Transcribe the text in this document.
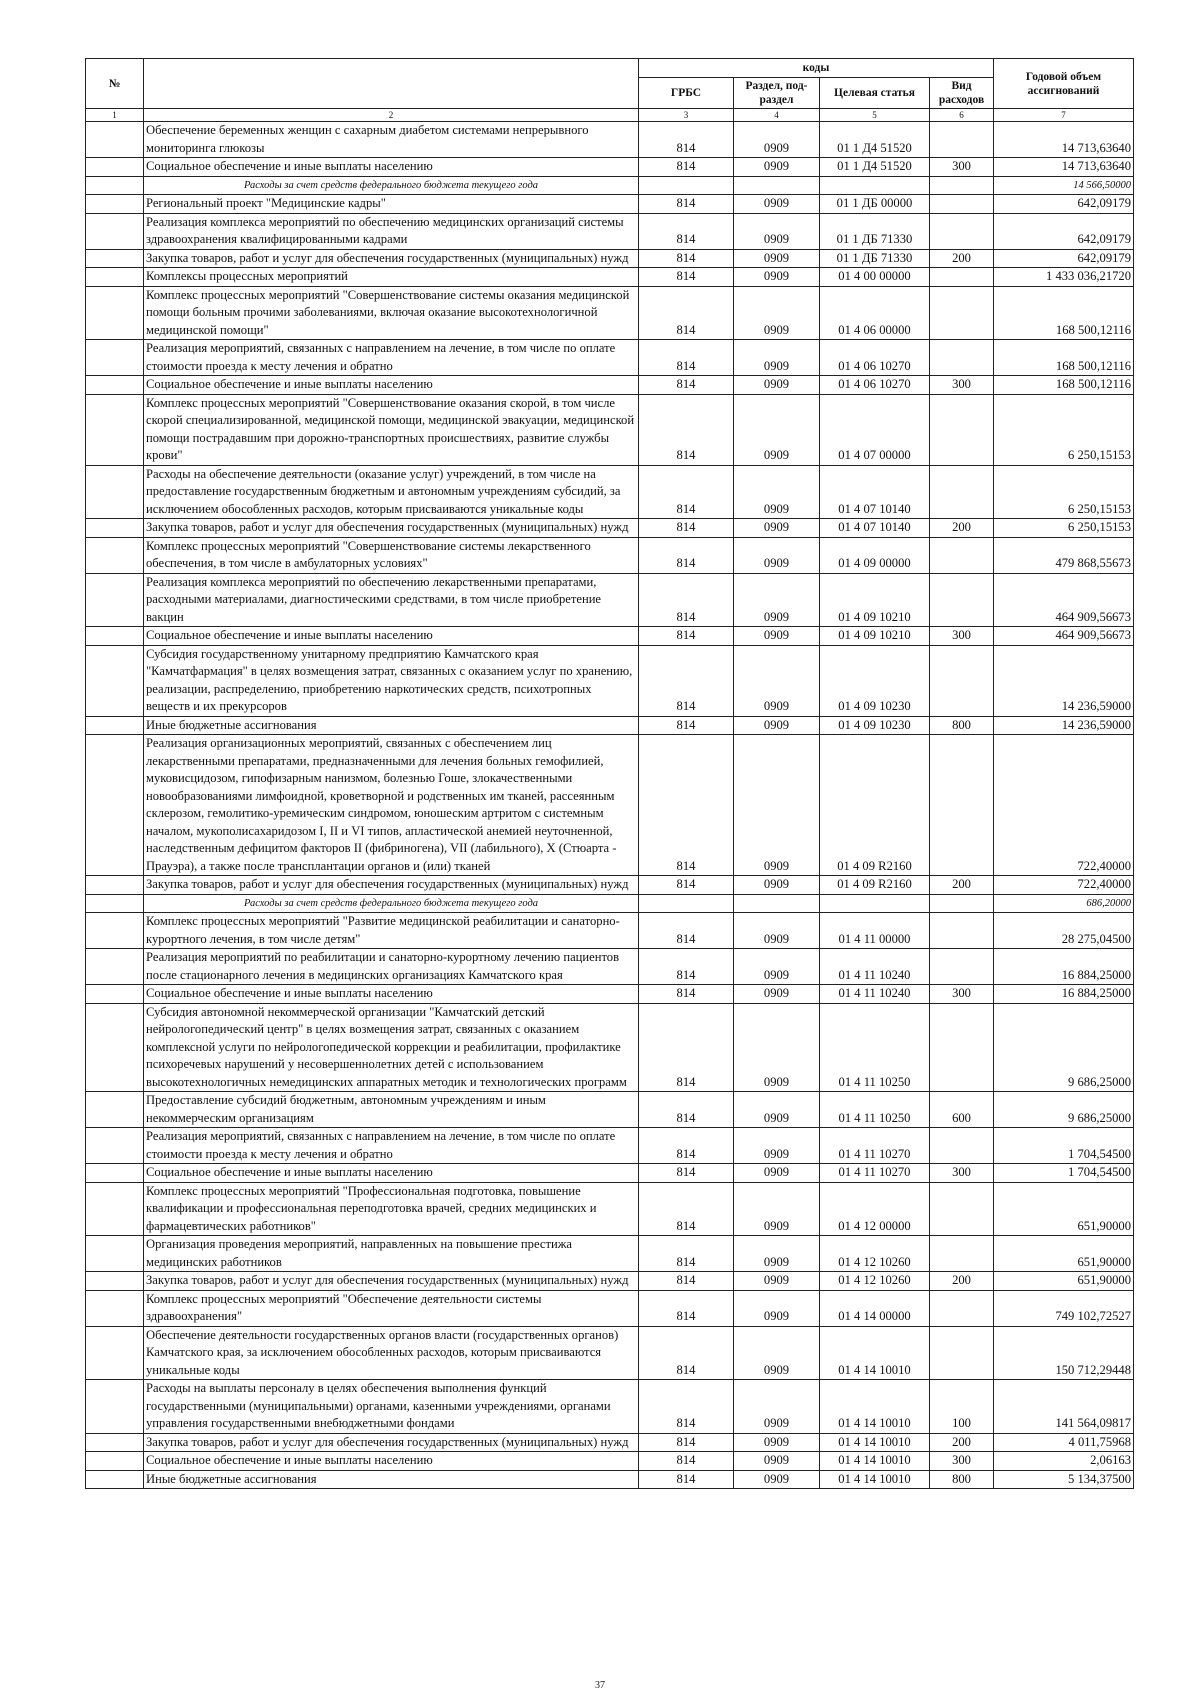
№		коды				Годовой объем ассигнований
		ГРБС	Раздел, под-раздел	Целевая статья	Вид расходов	
1	2	3	4	5	6	7
	Обеспечение беременных женщин с сахарным диабетом системами непрерывного мониторинга глюкозы	814	0909	01 1 Д4 51520		14 713,63640
	Социальное обеспечение и иные выплаты населению	814	0909	01 1 Д4 51520	300	14 713,63640
	Расходы за счет средств федерального бюджета текущего года					14 566,50000
	Региональный проект "Медицинские кадры"	814	0909	01 1 ДБ 00000		642,09179
	Реализация комплекса мероприятий по обеспечению медицинских организаций системы здравоохранения квалифицированными кадрами	814	0909	01 1 ДБ 71330		642,09179
	Закупка товаров, работ и услуг для обеспечения государственных (муниципальных) нужд	814	0909	01 1 ДБ 71330	200	642,09179
	Комплексы процессных мероприятий	814	0909	01 4 00 00000		1 433 036,21720
	Комплекс процессных мероприятий "Совершенствование системы оказания медицинской помощи больным прочими заболеваниями, включая оказание высокотехнологичной медицинской помощи"	814	0909	01 4 06 00000		168 500,12116
	Реализация мероприятий, связанных с направлением на лечение, в том числе по оплате стоимости проезда к месту лечения и обратно	814	0909	01 4 06 10270		168 500,12116
	Социальное обеспечение и иные выплаты населению	814	0909	01 4 06 10270	300	168 500,12116
	Комплекс процессных мероприятий "Совершенствование оказания скорой, в том числе скорой специализированной, медицинской помощи, медицинской эвакуации, медицинской помощи пострадавшим при дорожно-транспортных происшествиях, развитие службы крови"	814	0909	01 4 07 00000		6 250,15153
	Расходы на обеспечение деятельности (оказание услуг) учреждений, в том числе на предоставление государственным бюджетным и автономным учреждениям субсидий, за исключением обособленных расходов, которым присваиваются уникальные коды	814	0909	01 4 07 10140		6 250,15153
	Закупка товаров, работ и услуг для обеспечения государственных (муниципальных) нужд	814	0909	01 4 07 10140	200	6 250,15153
	Комплекс процессных мероприятий "Совершенствование системы лекарственного обеспечения, в том числе в амбулаторных условиях"	814	0909	01 4 09 00000		479 868,55673
	Реализация комплекса мероприятий по обеспечению лекарственными препаратами, расходными материалами, диагностическими средствами, в том числе приобретение вакцин	814	0909	01 4 09 10210		464 909,56673
	Социальное обеспечение и иные выплаты населению	814	0909	01 4 09 10210	300	464 909,56673
	Субсидия государственному унитарному предприятию Камчатского края "Камчатфармация" в целях возмещения затрат, связанных с оказанием услуг по хранению, реализации, распределению, приобретению наркотических средств, психотропных веществ и их прекурсоров	814	0909	01 4 09 10230		14 236,59000
	Иные бюджетные ассигнования	814	0909	01 4 09 10230	800	14 236,59000
	Реализация организационных мероприятий, связанных с обеспечением лиц лекарственными препаратами, предназначенными для лечения больных гемофилией, муковисцидозом, гипофизарным нанизмом, болезнью Гоше, злокачественными новообразованиями лимфоидной, кроветворной и родственных им тканей, рассеянным склерозом, гемолитико-уремическим синдромом, юношеским артритом с системным началом, мукополисахаридозом I, II и VI типов, апластической анемией неуточненной, наследственным дефицитом факторов II (фибриногена), VII (лабильного), X (Стюарта - Прауэра), а также после трансплантации органов и (или) тканей	814	0909	01 4 09 R2160		722,40000
	Закупка товаров, работ и услуг для обеспечения государственных (муниципальных) нужд	814	0909	01 4 09 R2160	200	722,40000
	Расходы за счет средств федерального бюджета текущего года					686,20000
	Комплекс процессных мероприятий "Развитие медицинской реабилитации и санаторно-курортного лечения, в том числе детям"	814	0909	01 4 11 00000		28 275,04500
	Реализация мероприятий по реабилитации и санаторно-курортному лечению пациентов после стационарного лечения в медицинских организациях Камчатского края	814	0909	01 4 11 10240		16 884,25000
	Социальное обеспечение и иные выплаты населению	814	0909	01 4 11 10240	300	16 884,25000
	Субсидия автономной некоммерческой организации "Камчатский детский нейрологопедический центр" в целях возмещения затрат, связанных с оказанием комплексной услуги по нейрологопедической коррекции и реабилитации, профилактике психоречевых нарушений у несовершеннолетних детей с использованием высокотехнологичных немедицинских аппаратных методик и технологических программ	814	0909	01 4 11 10250		9 686,25000
	Предоставление субсидий бюджетным, автономным учреждениям и иным некоммерческим организациям	814	0909	01 4 11 10250	600	9 686,25000
	Реализация мероприятий, связанных с направлением на лечение, в том числе по оплате стоимости проезда к месту лечения и обратно	814	0909	01 4 11 10270		1 704,54500
	Социальное обеспечение и иные выплаты населению	814	0909	01 4 11 10270	300	1 704,54500
	Комплекс процессных мероприятий "Профессиональная подготовка, повышение квалификации и профессиональная переподготовка врачей, средних медицинских и фармацевтических работников"	814	0909	01 4 12 00000		651,90000
	Организация проведения мероприятий, направленных на повышение престижа медицинских работников	814	0909	01 4 12 10260		651,90000
	Закупка товаров, работ и услуг для обеспечения государственных (муниципальных) нужд	814	0909	01 4 12 10260	200	651,90000
	Комплекс процессных мероприятий "Обеспечение деятельности системы здравоохранения"	814	0909	01 4 14 00000		749 102,72527
	Обеспечение деятельности государственных органов власти (государственных органов) Камчатского края, за исключением обособленных расходов, которым присваиваются уникальные коды	814	0909	01 4 14 10010		150 712,29448
	Расходы на выплаты персоналу в целях обеспечения выполнения функций государственными (муниципальными) органами, казенными учреждениями, органами управления государственными внебюджетными фондами	814	0909	01 4 14 10010	100	141 564,09817
	Закупка товаров, работ и услуг для обеспечения государственных (муниципальных) нужд	814	0909	01 4 14 10010	200	4 011,75968
	Социальное обеспечение и иные выплаты населению	814	0909	01 4 14 10010	300	2,06163
	Иные бюджетные ассигнования	814	0909	01 4 14 10010	800	5 134,37500
37
